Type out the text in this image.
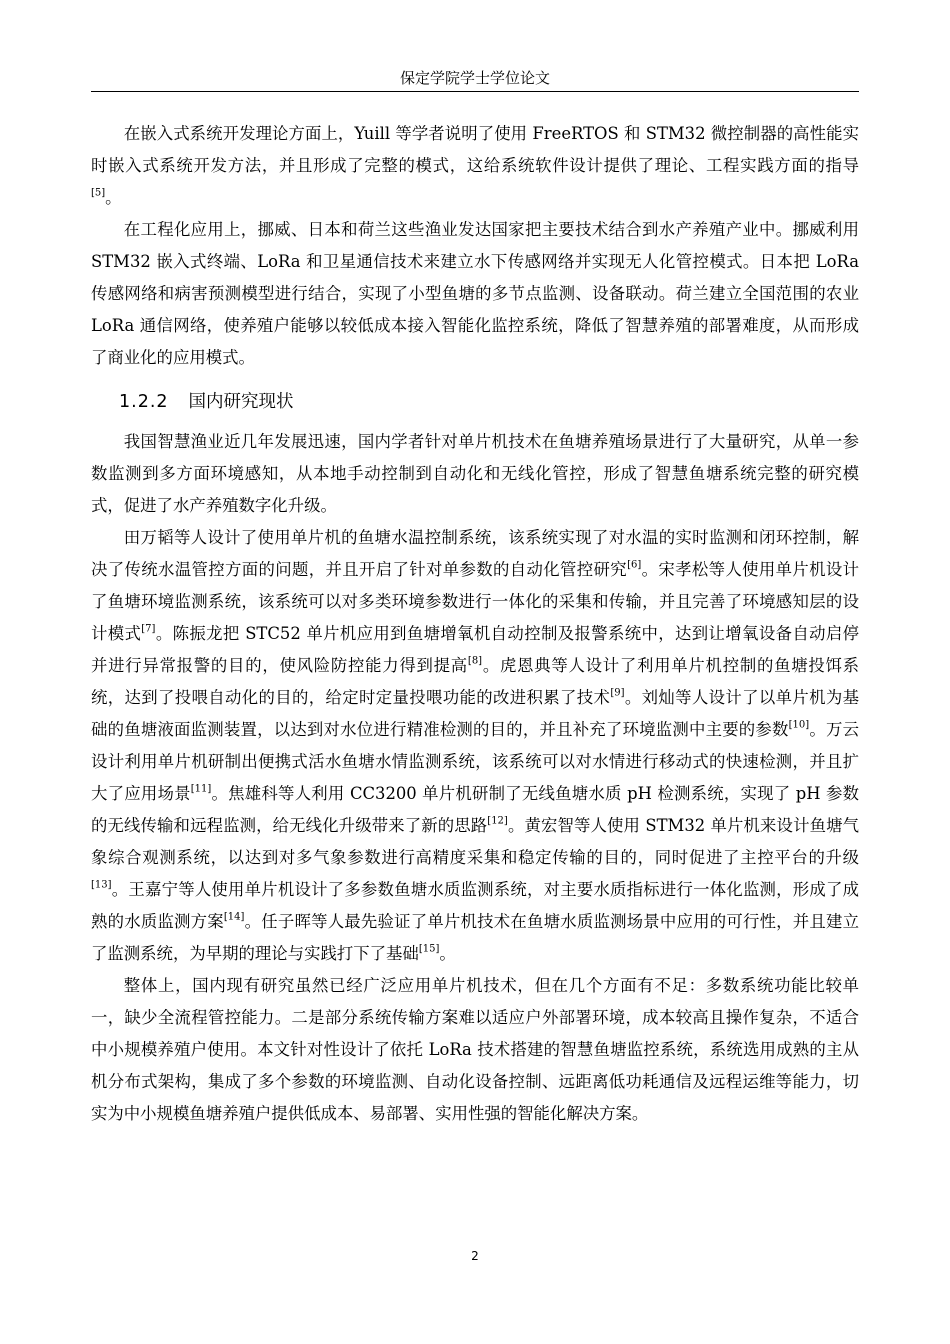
保定学院学士学位论文

在嵌入式系统开发理论方面上，Yuill 等学者说明了使用 FreeRTOS 和 STM32 微控制器的高性能实时嵌入式系统开发方法，并且形成了完整的模式，这给系统软件设计提供了理论、工程实践方面的指导[5]。

在工程化应用上，挪威、日本和荷兰这些渔业发达国家把主要技术结合到水产养殖产业中。挪威利用 STM32 嵌入式终端、LoRa 和卫星通信技术来建立水下传感网络并实现无人化管控模式。日本把 LoRa 传感网络和病害预测模型进行结合，实现了小型鱼塘的多节点监测、设备联动。荷兰建立全国范围的农业 LoRa 通信网络，使养殖户能够以较低成本接入智能化监控系统，降低了智慧养殖的部署难度，从而形成了商业化的应用模式。

1.2.2 国内研究现状

我国智慧渔业近几年发展迅速，国内学者针对单片机技术在鱼塘养殖场景进行了大量研究，从单一参数监测到多方面环境感知，从本地手动控制到自动化和无线化管控，形成了智慧鱼塘系统完整的研究模式，促进了水产养殖数字化升级。

田万韬等人设计了使用单片机的鱼塘水温控制系统，该系统实现了对水温的实时监测和闭环控制，解决了传统水温管控方面的问题，并且开启了针对单参数的自动化管控研究[6]。宋孝松等人使用单片机设计了鱼塘环境监测系统，该系统可以对多类环境参数进行一体化的采集和传输，并且完善了环境感知层的设计模式[7]。陈振龙把 STC52 单片机应用到鱼塘增氧机自动控制及报警系统中，达到让增氧设备自动启停并进行异常报警的目的，使风险防控能力得到提高[8]。虎恩典等人设计了利用单片机控制的鱼塘投饵系统，达到了投喂自动化的目的，给定时定量投喂功能的改进积累了技术[9]。刘灿等人设计了以单片机为基础的鱼塘液面监测装置，以达到对水位进行精准检测的目的，并且补充了环境监测中主要的参数[10]。万云设计利用单片机研制出便携式活水鱼塘水情监测系统，该系统可以对水情进行移动式的快速检测，并且扩大了应用场景[11]。焦雄科等人利用 CC3200 单片机研制了无线鱼塘水质 pH 检测系统，实现了 pH 参数的无线传输和远程监测，给无线化升级带来了新的思路[12]。黄宏智等人使用 STM32 单片机来设计鱼塘气象综合观测系统，以达到对多气象参数进行高精度采集和稳定传输的目的，同时促进了主控平台的升级[13]。王嘉宁等人使用单片机设计了多参数鱼塘水质监测系统，对主要水质指标进行一体化监测，形成了成熟的水质监测方案[14]。任子晖等人最先验证了单片机技术在鱼塘水质监测场景中应用的可行性，并且建立了监测系统，为早期的理论与实践打下了基础[15]。

整体上，国内现有研究虽然已经广泛应用单片机技术，但在几个方面有不足：多数系统功能比较单一，缺少全流程管控能力。二是部分系统传输方案难以适应户外部署环境，成本较高且操作复杂，不适合中小规模养殖户使用。本文针对性设计了依托 LoRa 技术搭建的智慧鱼塘监控系统，系统选用成熟的主从机分布式架构，集成了多个参数的环境监测、自动化设备控制、远距离低功耗通信及远程运维等能力，切实为中小规模鱼塘养殖户提供低成本、易部署、实用性强的智能化解决方案。

2
